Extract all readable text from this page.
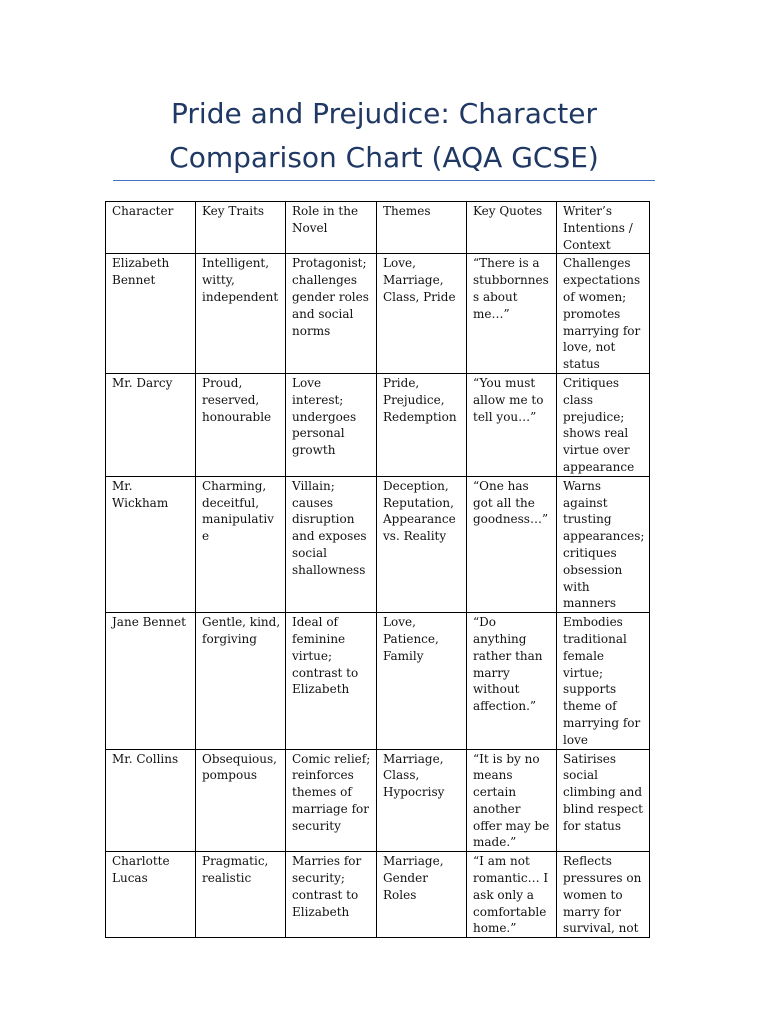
Pride and Prejudice: Character Comparison Chart (AQA GCSE)
Character	Key Traits	Role in the Novel	Themes	Key Quotes	Writer’s Intentions / Context
Elizabeth Bennet	Intelligent, witty, independent	Protagonist; challenges gender roles and social norms	Love, Marriage, Class, Pride	“There is a stubbornness about me…”	Challenges expectations of women; promotes marrying for love, not status
Mr. Darcy	Proud, reserved, honourable	Love interest; undergoes personal growth	Pride, Prejudice, Redemption	“You must allow me to tell you…”	Critiques class prejudice; shows real virtue over appearance
Mr. Wickham	Charming, deceitful, manipulative	Villain; causes disruption and exposes social shallowness	Deception, Reputation, Appearance vs. Reality	“One has got all the goodness…”	Warns against trusting appearances; critiques obsession with manners
Jane Bennet	Gentle, kind, forgiving	Ideal of feminine virtue; contrast to Elizabeth	Love, Patience, Family	“Do anything rather than marry without affection.”	Embodies traditional female virtue; supports theme of marrying for love
Mr. Collins	Obsequious, pompous	Comic relief; reinforces themes of marriage for security	Marriage, Class, Hypocrisy	“It is by no means certain another offer may be made.”	Satirises social climbing and blind respect for status
Charlotte Lucas	Pragmatic, realistic	Marries for security; contrast to Elizabeth	Marriage, Gender Roles	“I am not romantic… I ask only a comfortable home.”	Reflects pressures on women to marry for survival, not
